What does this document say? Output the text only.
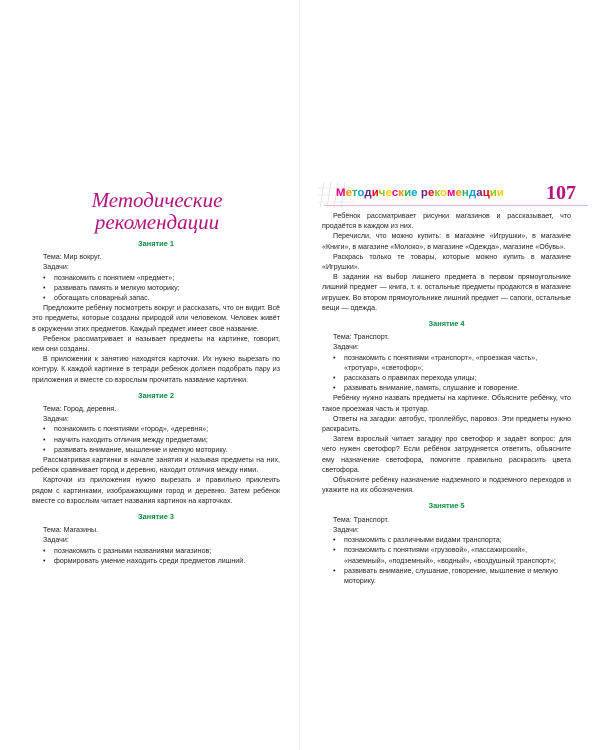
Методические
рекомендации
Занятие 1

Тема: Мир вокруг.

Задачи:

• познакомить с понятием «предмет»;
• развивать память и мелкую моторику;
• обогащать словарный запас.

Предложите ребёнку посмотреть вокруг и рассказать, что он видит. Всё это предметы, которые созданы природой или человеком. Человек живёт в окружении этих предметов. Каждый предмет имеет своё название.

Ребенок рассматривает и называет предметы на картинке, говорит, кем они созданы.

В приложении к занятию находятся карточки. Их нужно вырезать по контуру. К каждой картинке в тетради ребенок должен подобрать пару из приложения и вместе со взрослым прочитать название картинки.

Занятие 2

Тема: Город, деревня.

Задачи:

• познакомить с понятиями «город», «деревня»;
• научить находить отличия между предметами;
• развивать внимание, мышление и мелкую моторику.

Рассматривая картинки в начале занятия и называя предметы на них, ребёнок сравнивает город и деревню, находит отличия между ними.

Карточки из приложения нужно вырезать и правильно приклеить рядом с картинками, изображающими город и деревню. Затем ребёнок вместе со взрослым читает названия картинок на карточках.

Занятие 3

Тема: Магазины.

Задачи:

• познакомить с разными названиями магазинов;
• формировать умение находить среди предметов лишний.
Методические рекомендации 107

Ребёнок рассматривает рисунки магазинов и рассказывает, что продаётся в каждом из них.

Перечисли, что можно купить: в магазине «Игрушки», в магазине «Книги», в магазине «Молоко», в магазине «Одежда», магазине «Обувь».

Раскрась только те товары, которые можно купить в магазине «Игрушки».

В задании на выбор лишнего предмета в первом прямоугольнике лишний предмет — книга, т. к. остальные предметы продаются в магазине игрушек. Во втором прямоугольнике лишний предмет — сапоги, остальные вещи — одежда.

Занятие 4

Тема: Транспорт.

Задачи:

• познакомить с понятиями «транспорт», «проезжая часть», «тротуар», «светофор»;
• рассказать о правилах перехода улицы;
• развивать внимание, память, слушание и говорение.

Ребёнку нужно назвать предметы на картинке. Объясните ребёнку, что такое проезжая часть и тротуар.

Ответы на загадки: автобус, троллейбус, паровоз. Эти предметы нужно раскрасить.

Затем взрослый читает загадку про светофор и задаёт вопрос: для чего нужен светофор? Если ребёнок затрудняется ответить, объясните ему назначение светофора, помогите правильно раскрасить цвета светофора.

Объясните ребёнку назначение надземного и подземного переходов и укажите на их обозначения.

Занятие 5

Тема: Транспорт.

Задачи:

• познакомить с различными видами транспорта;
• познакомить с понятиями «грузовой», «пассажирский», «наземный», «подземный», «водный», «воздушный транспорт»;
• развивать внимание, слушание, говорение, мышление и мелкую моторику.
